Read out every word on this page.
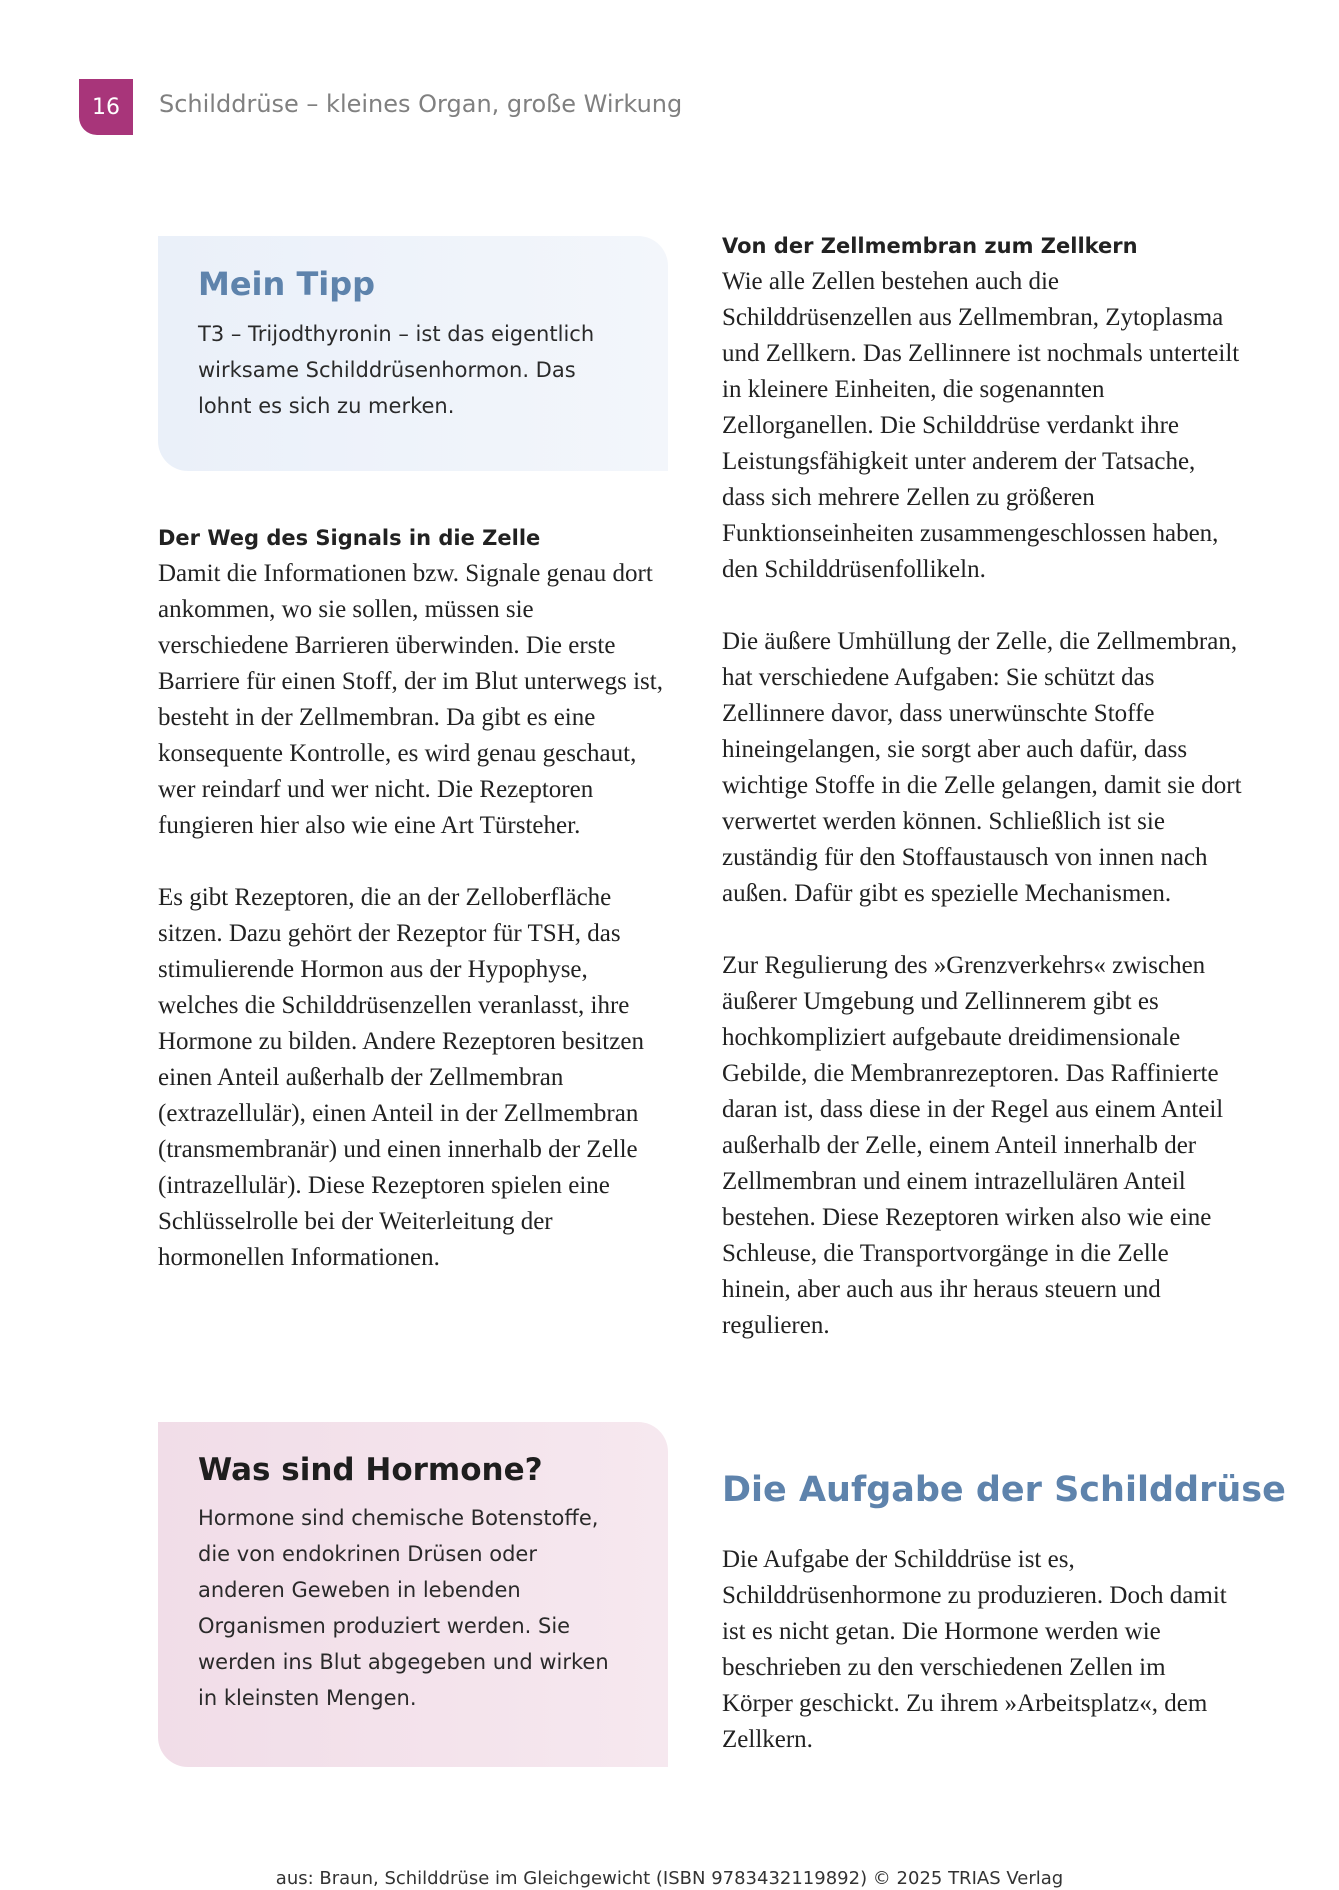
16 Schilddrüse – kleines Organ, große Wirkung
Mein Tipp

T3 – Trijodthyronin – ist das eigentlich wirksame Schilddrüsenhormon. Das lohnt es sich zu merken.

Der Weg des Signals in die Zelle

Damit die Informationen bzw. Signale genau dort ankommen, wo sie sollen, müssen sie verschiedene Barrieren überwinden. Die erste Barriere für einen Stoff, der im Blut unterwegs ist, besteht in der Zellmembran. Da gibt es eine konsequente Kontrolle, es wird genau geschaut, wer reindarf und wer nicht. Die Rezeptoren fungieren hier also wie eine Art Türsteher.

Es gibt Rezeptoren, die an der Zelloberfläche sitzen. Dazu gehört der Rezeptor für TSH, das stimulierende Hormon aus der Hypophyse, welches die Schilddrüsenzellen veranlasst, ihre Hormone zu bilden. Andere Rezeptoren besitzen einen Anteil außerhalb der Zellmembran (extrazellulär), einen Anteil in der Zellmembran (transmembranär) und einen innerhalb der Zelle (intrazellulär). Diese Rezeptoren spielen eine Schlüsselrolle bei der Weiterleitung der hormonellen Informationen.

Was sind Hormone?

Hormone sind chemische Botenstoffe, die von endokrinen Drüsen oder anderen Geweben in lebenden Organismen produziert werden. Sie werden ins Blut abgegeben und wirken in kleinsten Mengen.

Von der Zellmembran zum Zellkern

Wie alle Zellen bestehen auch die Schilddrüsenzellen aus Zellmembran, Zytoplasma und Zellkern. Das Zellinnere ist nochmals unterteilt in kleinere Einheiten, die sogenannten Zellorganellen. Die Schilddrüse verdankt ihre Leistungsfähigkeit unter anderem der Tatsache, dass sich mehrere Zellen zu größeren Funktionseinheiten zusammengeschlossen haben, den Schilddrüsenfollikeln.

Die äußere Umhüllung der Zelle, die Zellmembran, hat verschiedene Aufgaben: Sie schützt das Zellinnere davor, dass unerwünschte Stoffe hineingelangen, sie sorgt aber auch dafür, dass wichtige Stoffe in die Zelle gelangen, damit sie dort verwertet werden können. Schließlich ist sie zuständig für den Stoffaustausch von innen nach außen. Dafür gibt es spezielle Mechanismen.

Zur Regulierung des »Grenzverkehrs« zwischen äußerer Umgebung und Zellinnerem gibt es hochkompliziert aufgebaute dreidimensionale Gebilde, die Membranrezeptoren. Das Raffinierte daran ist, dass diese in der Regel aus einem Anteil außerhalb der Zelle, einem Anteil innerhalb der Zellmembran und einem intrazellulären Anteil bestehen. Diese Rezeptoren wirken also wie eine Schleuse, die Transportvorgänge in die Zelle hinein, aber auch aus ihr heraus steuern und regulieren.

Die Aufgabe der Schilddrüse

Die Aufgabe der Schilddrüse ist es, Schilddrüsenhormone zu produzieren. Doch damit ist es nicht getan. Die Hormone werden wie beschrieben zu den verschiedenen Zellen im Körper geschickt. Zu ihrem »Arbeitsplatz«, dem Zellkern.

aus: Braun, Schilddrüse im Gleichgewicht (ISBN 9783432119892) © 2025 TRIAS Verlag
